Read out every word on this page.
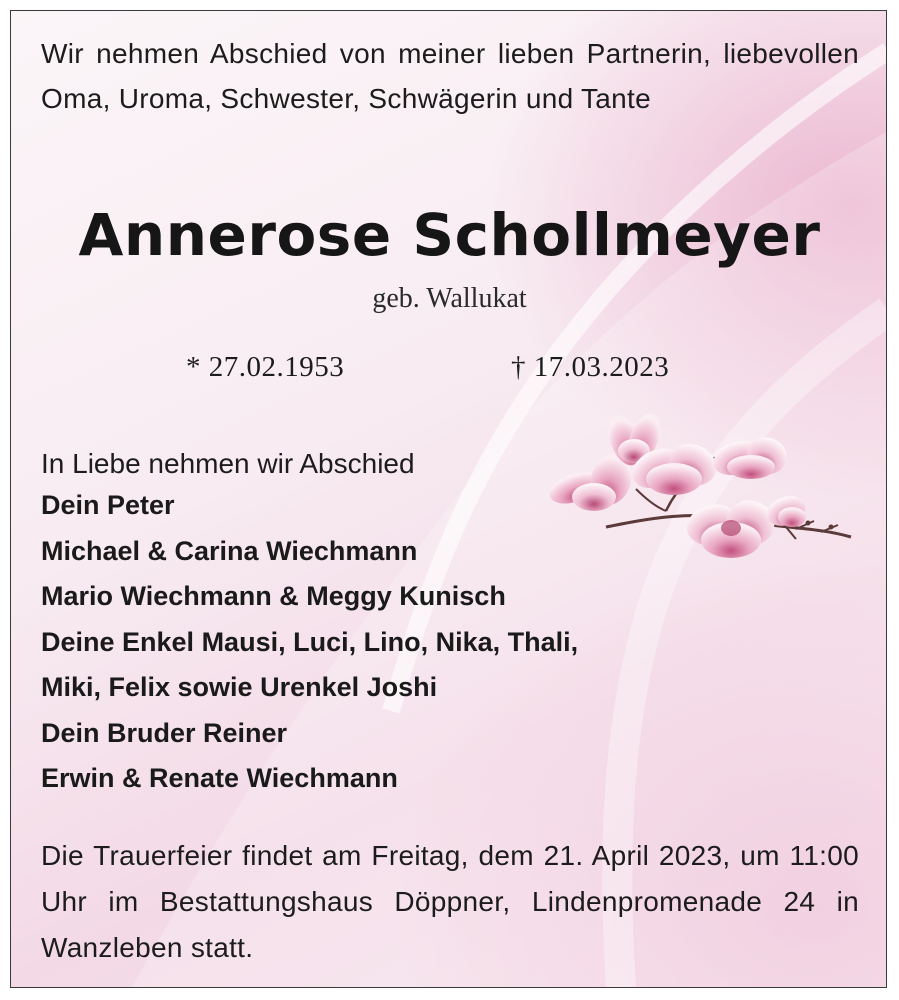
Wir nehmen Abschied von meiner lieben Partnerin, liebevollen Oma, Uroma, Schwester, Schwägerin und Tante
Annerose Schollmeyer
geb. Wallukat
* 27.02.1953	† 17.03.2023
In Liebe nehmen wir Abschied
Dein Peter
Michael & Carina Wiechmann
Mario Wiechmann & Meggy Kunisch
Deine Enkel Mausi, Luci, Lino, Nika, Thali,
Miki, Felix sowie Urenkel Joshi
Dein Bruder Reiner
Erwin & Renate Wiechmann
Die Trauerfeier findet am Freitag, dem 21. April 2023, um 11:00 Uhr im Bestattungshaus Döppner, Lindenpromenade 24 in Wanzleben statt.
